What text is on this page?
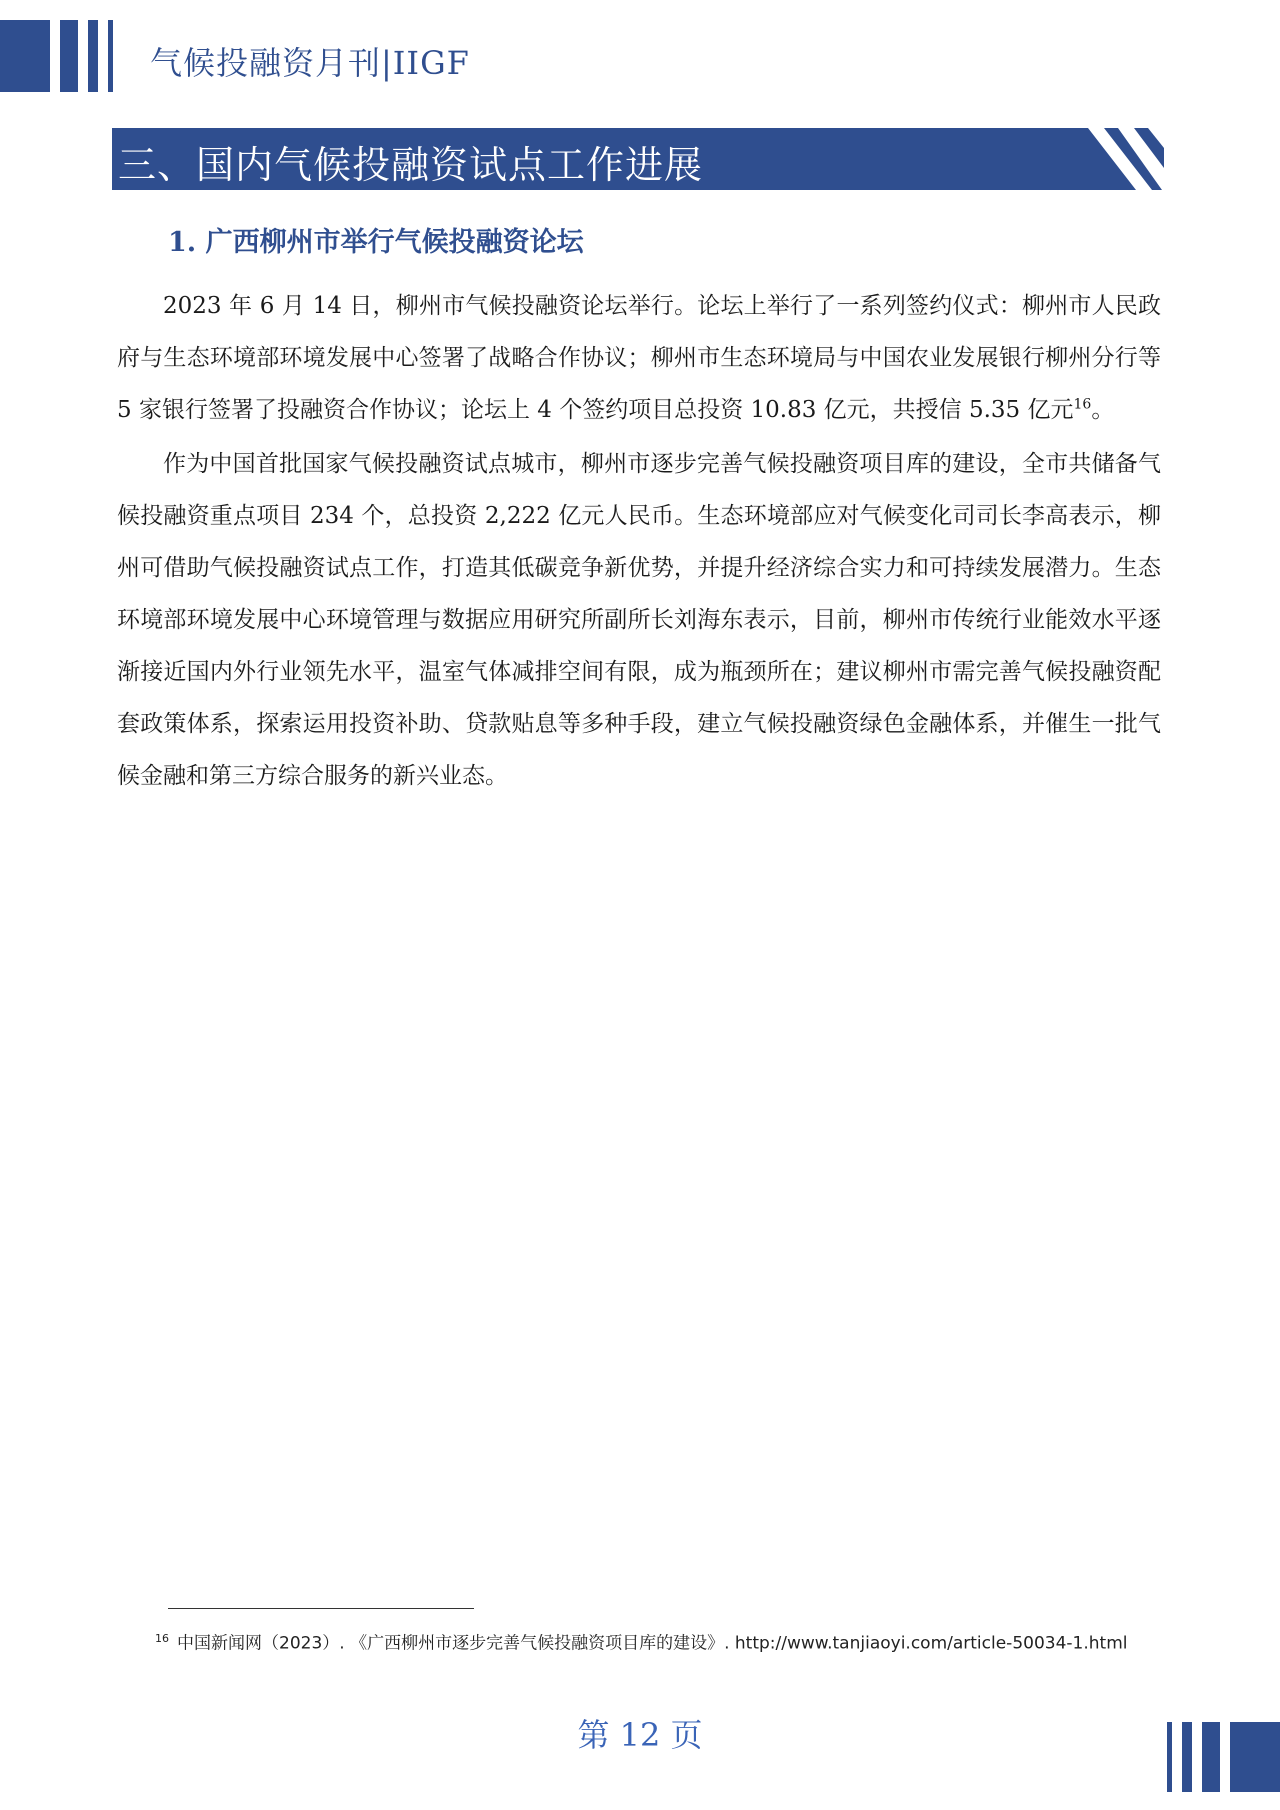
气候投融资月刊|IIGF
三、国内气候投融资试点工作进展
1. 广西柳州市举行气候投融资论坛

2023 年 6 月 14 日，柳州市气候投融资论坛举行。论坛上举行了一系列签约仪式：柳州市人民政府与生态环境部环境发展中心签署了战略合作协议；柳州市生态环境局与中国农业发展银行柳州分行等 5 家银行签署了投融资合作协议；论坛上 4 个签约项目总投资 10.83 亿元，共授信 5.35 亿元$^{16}$。

作为中国首批国家气候投融资试点城市，柳州市逐步完善气候投融资项目库的建设，全市共储备气候投融资重点项目 234 个，总投资 2,222 亿元人民币。生态环境部应对气候变化司司长李高表示，柳州可借助气候投融资试点工作，打造其低碳竞争新优势，并提升经济综合实力和可持续发展潜力。生态环境部环境发展中心环境管理与数据应用研究所副所长刘海东表示，目前，柳州市传统行业能效水平逐渐接近国内外行业领先水平，温室气体减排空间有限，成为瓶颈所在；建议柳州市需完善气候投融资配套政策体系，探索运用投资补助、贷款贴息等多种手段，建立气候投融资绿色金融体系，并催生一批气候金融和第三方综合服务的新兴业态。

$^{16}$ 中国新闻网（2023）. 《广西柳州市逐步完善气候投融资项目库的建设》. http://www.tanjiaoyi.com/article-50034-1.html
第 12 页
